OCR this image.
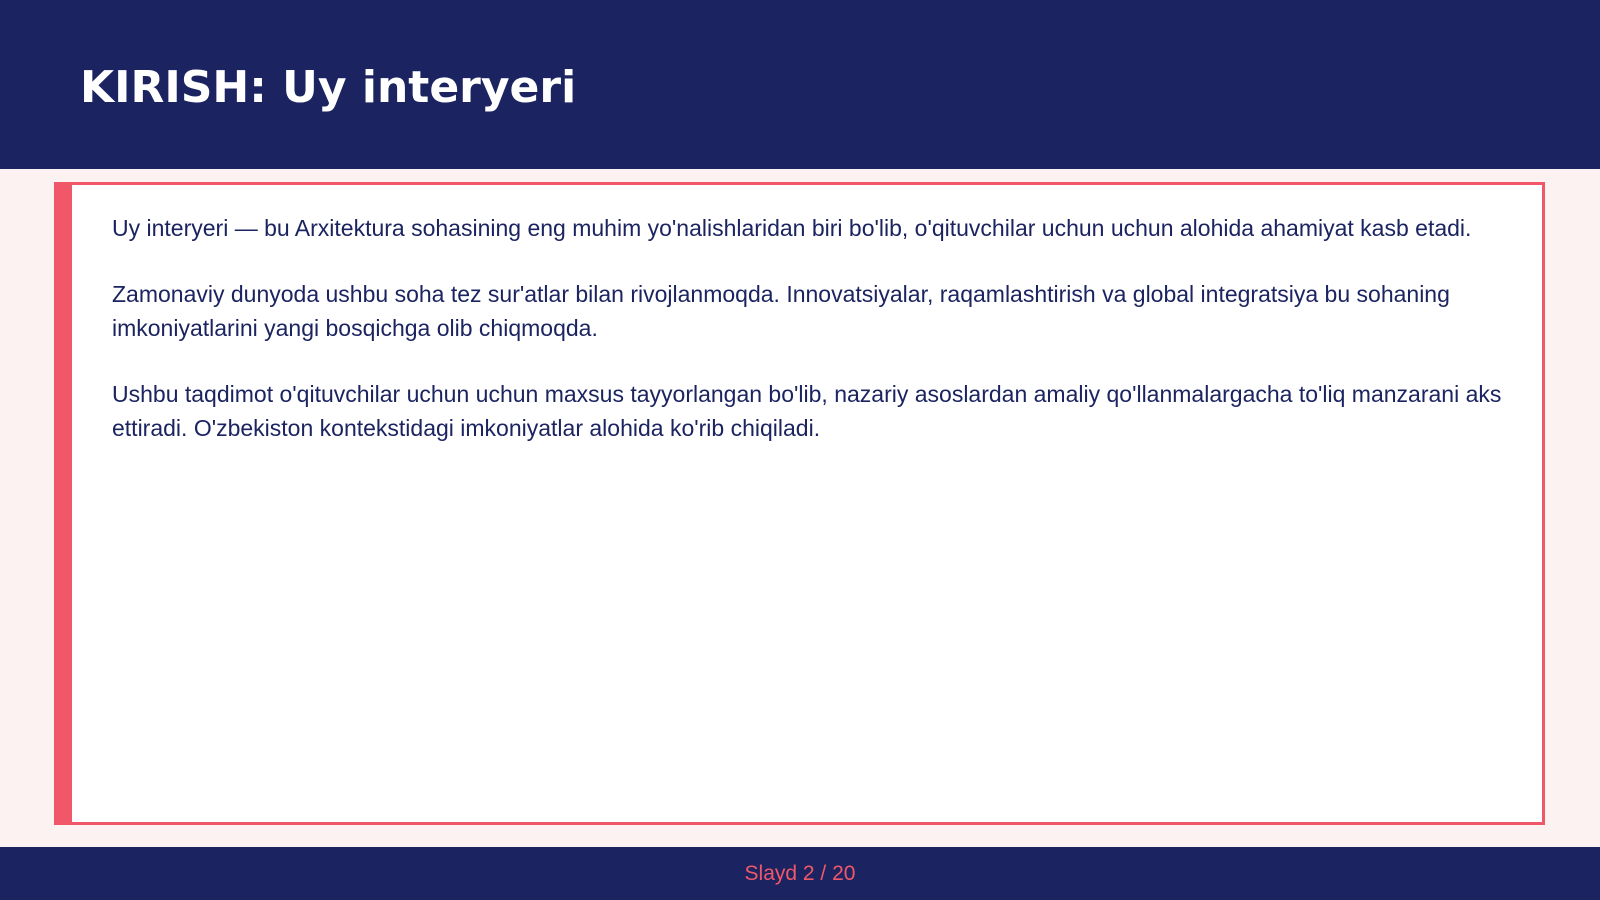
KIRISH: Uy interyeri

Uy interyeri — bu Arxitektura sohasining eng muhim yo'nalishlaridan biri bo'lib, o'qituvchilar uchun uchun alohida ahamiyat kasb etadi.

Zamonaviy dunyoda ushbu soha tez sur'atlar bilan rivojlanmoqda. Innovatsiyalar, raqamlashtirish va global integratsiya bu sohaning imkoniyatlarini yangi bosqichga olib chiqmoqda.

Ushbu taqdimot o'qituvchilar uchun uchun maxsus tayyorlangan bo'lib, nazariy asoslardan amaliy qo'llanmalargacha to'liq manzarani aks ettiradi. O'zbekiston kontekstidagi imkoniyatlar alohida ko'rib chiqiladi.

Slayd 2 / 20
